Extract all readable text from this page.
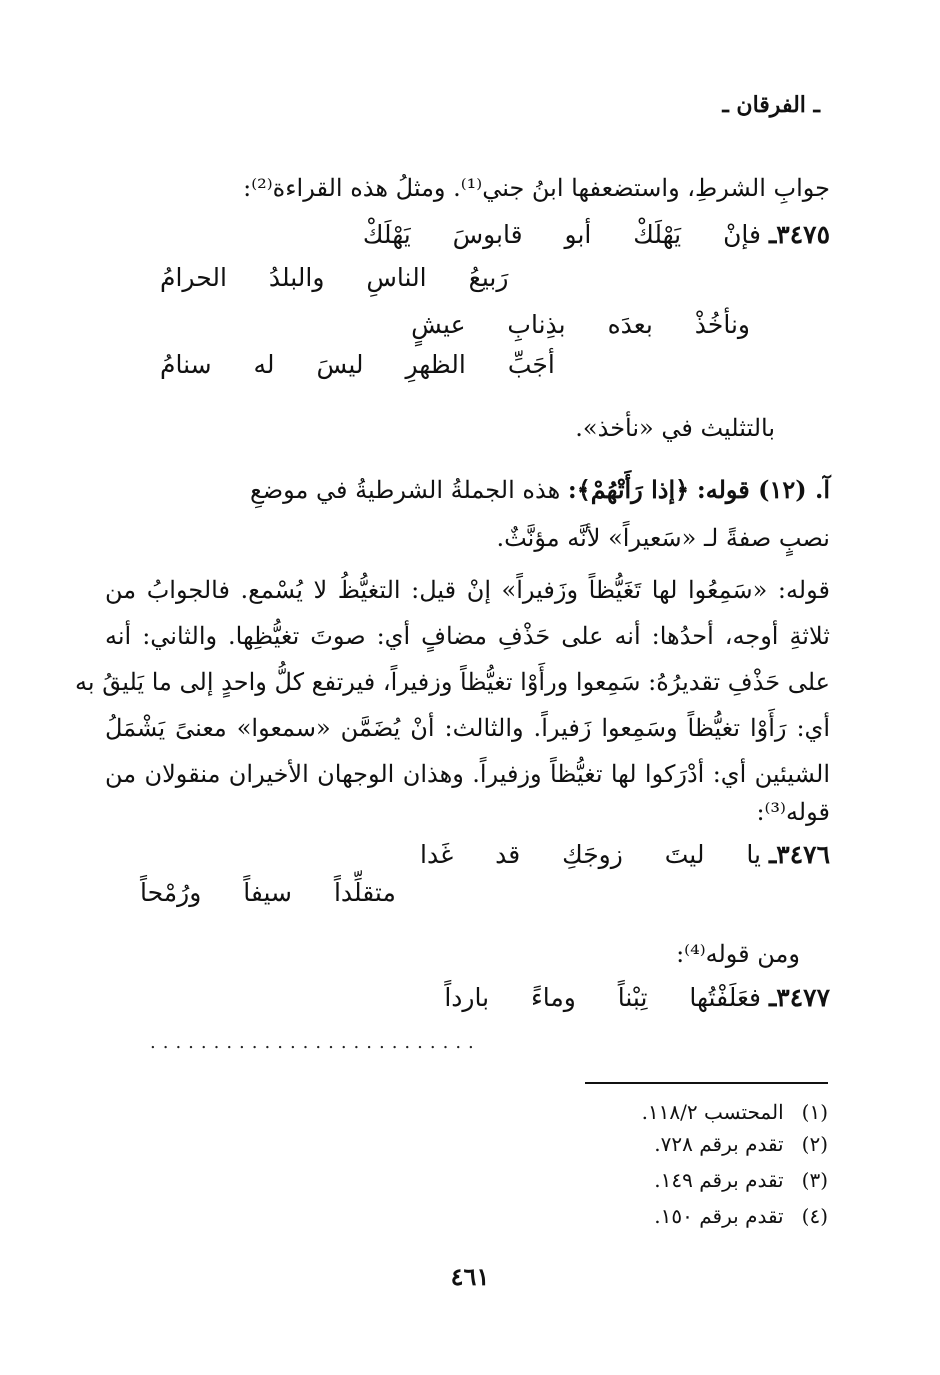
ـ الفرقان ـ
جوابِ الشرطِ، واستضعفها ابنُ جني⁽¹⁾. ومثلُ هذه القراءة⁽²⁾:
٣٤٧٥ـ فإنْ يَهْلَكْ أبو قابوسَ يَهْلَكْ
رَبيعُ الناسِ والبلدُ الحرامُ
ونأخُذْ بعدَه بذِنابِ عيشٍ
أجَبِّ الظهرِ ليسَ له سنامُ
بالتثليث في «نأخذ».
آ. (١٢) قوله: ﴿إذا رَأَتْهُمْ﴾: هذه الجملةُ الشرطيةُ في موضعِ
نصبٍ صفةً لـ «سَعيراً» لأنَّه مؤنَّثٌ.
قوله: «سَمِعُوا لها تَغَيُّظاً وزَفيراً» إنْ قيل: التغيُّظُ لا يُسْمع. فالجوابُ من
ثلاثةِ أوجه، أحدُها: أنه على حَذْفِ مضافٍ أي: صوتَ تغيُّظِها. والثاني: أنه
على حَذْفِ تقديرُهُ: سَمِعوا ورأَوْا تغيُّظاً وزفيراً، فيرتفع كلُّ واحدٍ إلى ما يَليقُ به
أي: رَأَوْا تغيُّظاً وسَمِعوا زَفيراً. والثالث: أنْ يُضَمَّن «سمعوا» معنىً يَشْمَلُ
الشيئين أي: أدْرَكوا لها تغيُّظاً وزفيراً. وهذان الوجهان الأخيران منقولان من
قوله⁽³⁾:
٣٤٧٦ـ يا ليتَ زوجَكِ قد غَدا
متقلِّداً سيفاً ورُمْحاً
ومن قوله⁽⁴⁾:
٣٤٧٧ـ فعَلَفْتُها تِبْناً وماءً بارداً
..........................
(١) المحتسب ١١٨/٢.
(٢) تقدم برقم ٧٢٨.
(٣) تقدم برقم ١٤٩.
(٤) تقدم برقم ١٥٠.
٤٦١
